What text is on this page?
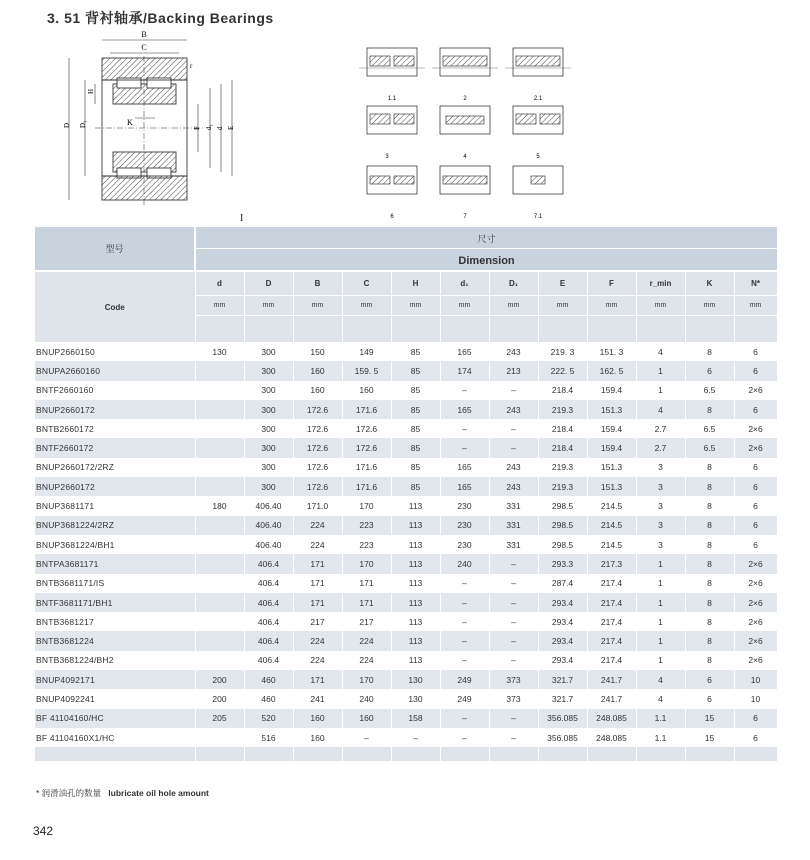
3. 51 背衬轴承/Backing Bearings
B
C
r
K
H
D₁
D
F d₁ d E
I
1.1	2	2.1
3	4	5
6	7	7.1
型号	尺寸											
	Dimension											
Code	d	D	B	C	H	d₁	D₁	E	F	r_min	K	N*
	mm	mm	mm	mm	mm	mm	mm	mm	mm	mm	mm	mm

BNUP2660150	130	300	150	149	85	165	243	219. 3	151. 3	4	8	6
BNUPA2660160		300	160	159. 5	85	174	213	222. 5	162. 5	1	6	6
BNTF2660160		300	160	160	85	–	–	218.4	159.4	1	6.5	2×6
BNUP2660172		300	172.6	171.6	85	165	243	219.3	151.3	4	8	6
BNTB2660172		300	172.6	172.6	85	–	–	218.4	159.4	2.7	6.5	2×6
BNTF2660172		300	172.6	172.6	85	–	–	218.4	159.4	2.7	6.5	2×6
BNUP2660172/2RZ		300	172.6	171.6	85	165	243	219.3	151.3	3	8	6
BNUP2660172		300	172.6	171.6	85	165	243	219.3	151.3	3	8	6
BNUP3681171	180	406.40	171.0	170	113	230	331	298.5	214.5	3	8	6
BNUP3681224/2RZ		406.40	224	223	113	230	331	298.5	214.5	3	8	6
BNUP3681224/BH1		406.40	224	223	113	230	331	298.5	214.5	3	8	6
BNTPA3681171		406.4	171	170	113	240	–	293.3	217.3	1	8	2×6
BNTB3681171/IS		406.4	171	171	113	–	–	287.4	217.4	1	8	2×6
BNTF3681171/BH1		406.4	171	171	113	–	–	293.4	217.4	1	8	2×6
BNTB3681217		406.4	217	217	113	–	–	293.4	217.4	1	8	2×6
BNTB3681224		406.4	224	224	113	–	–	293.4	217.4	1	8	2×6
BNTB3681224/BH2		406.4	224	224	113	–	–	293.4	217.4	1	8	2×6
BNUP4092171	200	460	171	170	130	249	373	321.7	241.7	4	6	10
BNUP4092241	200	460	241	240	130	249	373	321.7	241.7	4	6	10
BF 41104160/HC	205	520	160	160	158	–	–	356.085	248.085	1.1	15	6
BF 41104160X1/HC		516	160	–	–	–	–	356.085	248.085	1.1	15	6

* 润滑油孔的数量 lubricate oil hole amount
342
